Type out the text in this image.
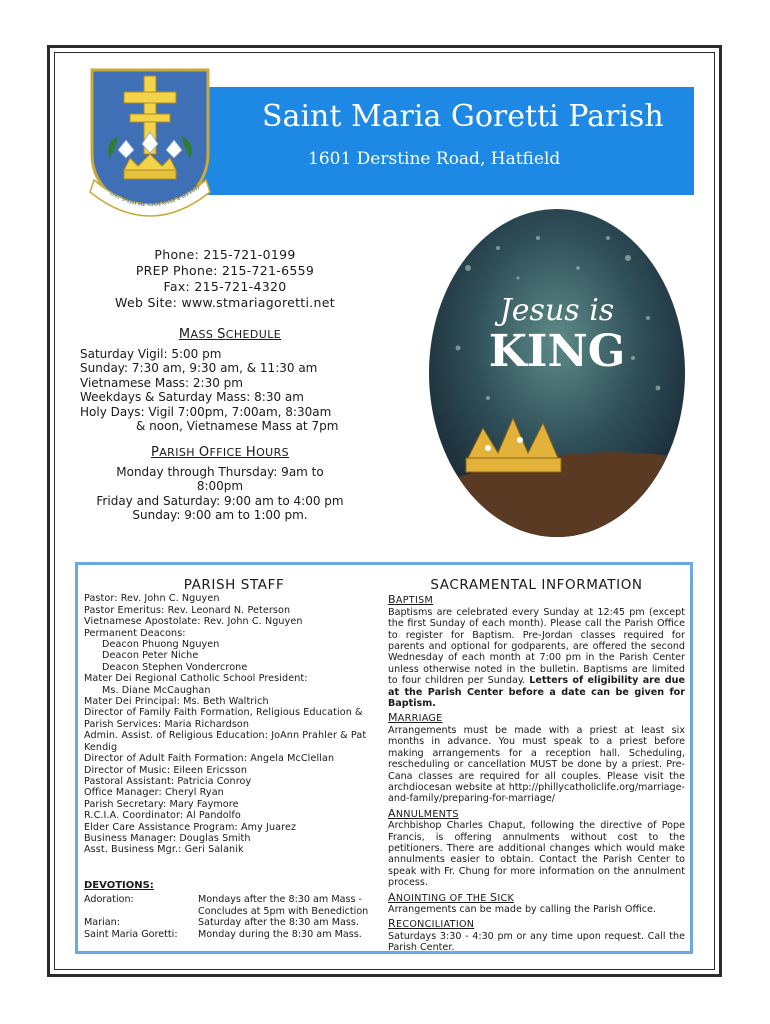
Saint Maria Goretti Parish
1601 Derstine Road, Hatfield
St. Maria Goretti Parish
Phone: 215-721-0199
PREP Phone: 215-721-6559
Fax: 215-721-4320
Web Site: www.stmariagoretti.net
MASS SCHEDULE
Saturday Vigil: 5:00 pm
Sunday: 7:30 am, 9:30 am, & 11:30 am
Vietnamese Mass: 2:30 pm
Weekdays & Saturday Mass: 8:30 am
Holy Days: Vigil 7:00pm, 7:00am, 8:30am
& noon, Vietnamese Mass at 7pm
PARISH OFFICE HOURS
Monday through Thursday: 9am to
8:00pm
Friday and Saturday: 9:00 am to 4:00 pm
Sunday: 9:00 am to 1:00 pm.
Jesus is
KING
PARISH STAFF
Pastor: Rev. John C. Nguyen
Pastor Emeritus: Rev. Leonard N. Peterson
Vietnamese Apostolate: Rev. John C. Nguyen
Permanent Deacons:
Deacon Phuong Nguyen
Deacon Peter Niche
Deacon Stephen Vondercrone
Mater Dei Regional Catholic School President:
Ms. Diane McCaughan
Mater Dei Principal: Ms. Beth Waltrich
Director of Family Faith Formation, Religious Education &
Parish Services: Maria Richardson
Admin. Assist. of Religious Education: JoAnn Prahler & Pat
Kendig
Director of Adult Faith Formation: Angela McClellan
Director of Music: Eileen Ericsson
Pastoral Assistant: Patricia Conroy
Office Manager: Cheryl Ryan
Parish Secretary: Mary Faymore
R.C.I.A. Coordinator: Al Pandolfo
Elder Care Assistance Program: Amy Juarez
Business Manager: Douglas Smith
Asst. Business Mgr.: Geri Salanik
DEVOTIONS:
Adoration:	Mondays after the 8:30 am Mass - Concludes at 5pm with Benediction
Marian:	Saturday after the 8:30 am Mass.
Saint Maria Goretti:	Monday during the 8:30 am Mass.
SACRAMENTAL INFORMATION
BAPTISM

Baptisms are celebrated every Sunday at 12:45 pm (except the first Sunday of each month). Please call the Parish Office to register for Baptism. Pre-Jordan classes required for parents and optional for godparents, are offered the second Wednesday of each month at 7:00 pm in the Parish Center unless otherwise noted in the bulletin. Baptisms are limited to four children per Sunday. Letters of eligibility are due at the Parish Center before a date can be given for Baptism.

MARRIAGE

Arrangements must be made with a priest at least six months in advance. You must speak to a priest before making arrangements for a reception hall. Scheduling, rescheduling or cancellation MUST be done by a priest. Pre-Cana classes are required for all couples. Please visit the archdiocesan website at http://phillycatholiclife.org/marriage-and-family/preparing-for-marriage/

ANNULMENTS

Archbishop Charles Chaput, following the directive of Pope Francis, is offering annulments without cost to the petitioners. There are additional changes which would make annulments easier to obtain. Contact the Parish Center to speak with Fr. Chung for more information on the annulment process.

ANOINTING OF THE SICK

Arrangements can be made by calling the Parish Office.

RECONCILIATION

Saturdays 3:30 - 4:30 pm or any time upon request. Call the Parish Center.
